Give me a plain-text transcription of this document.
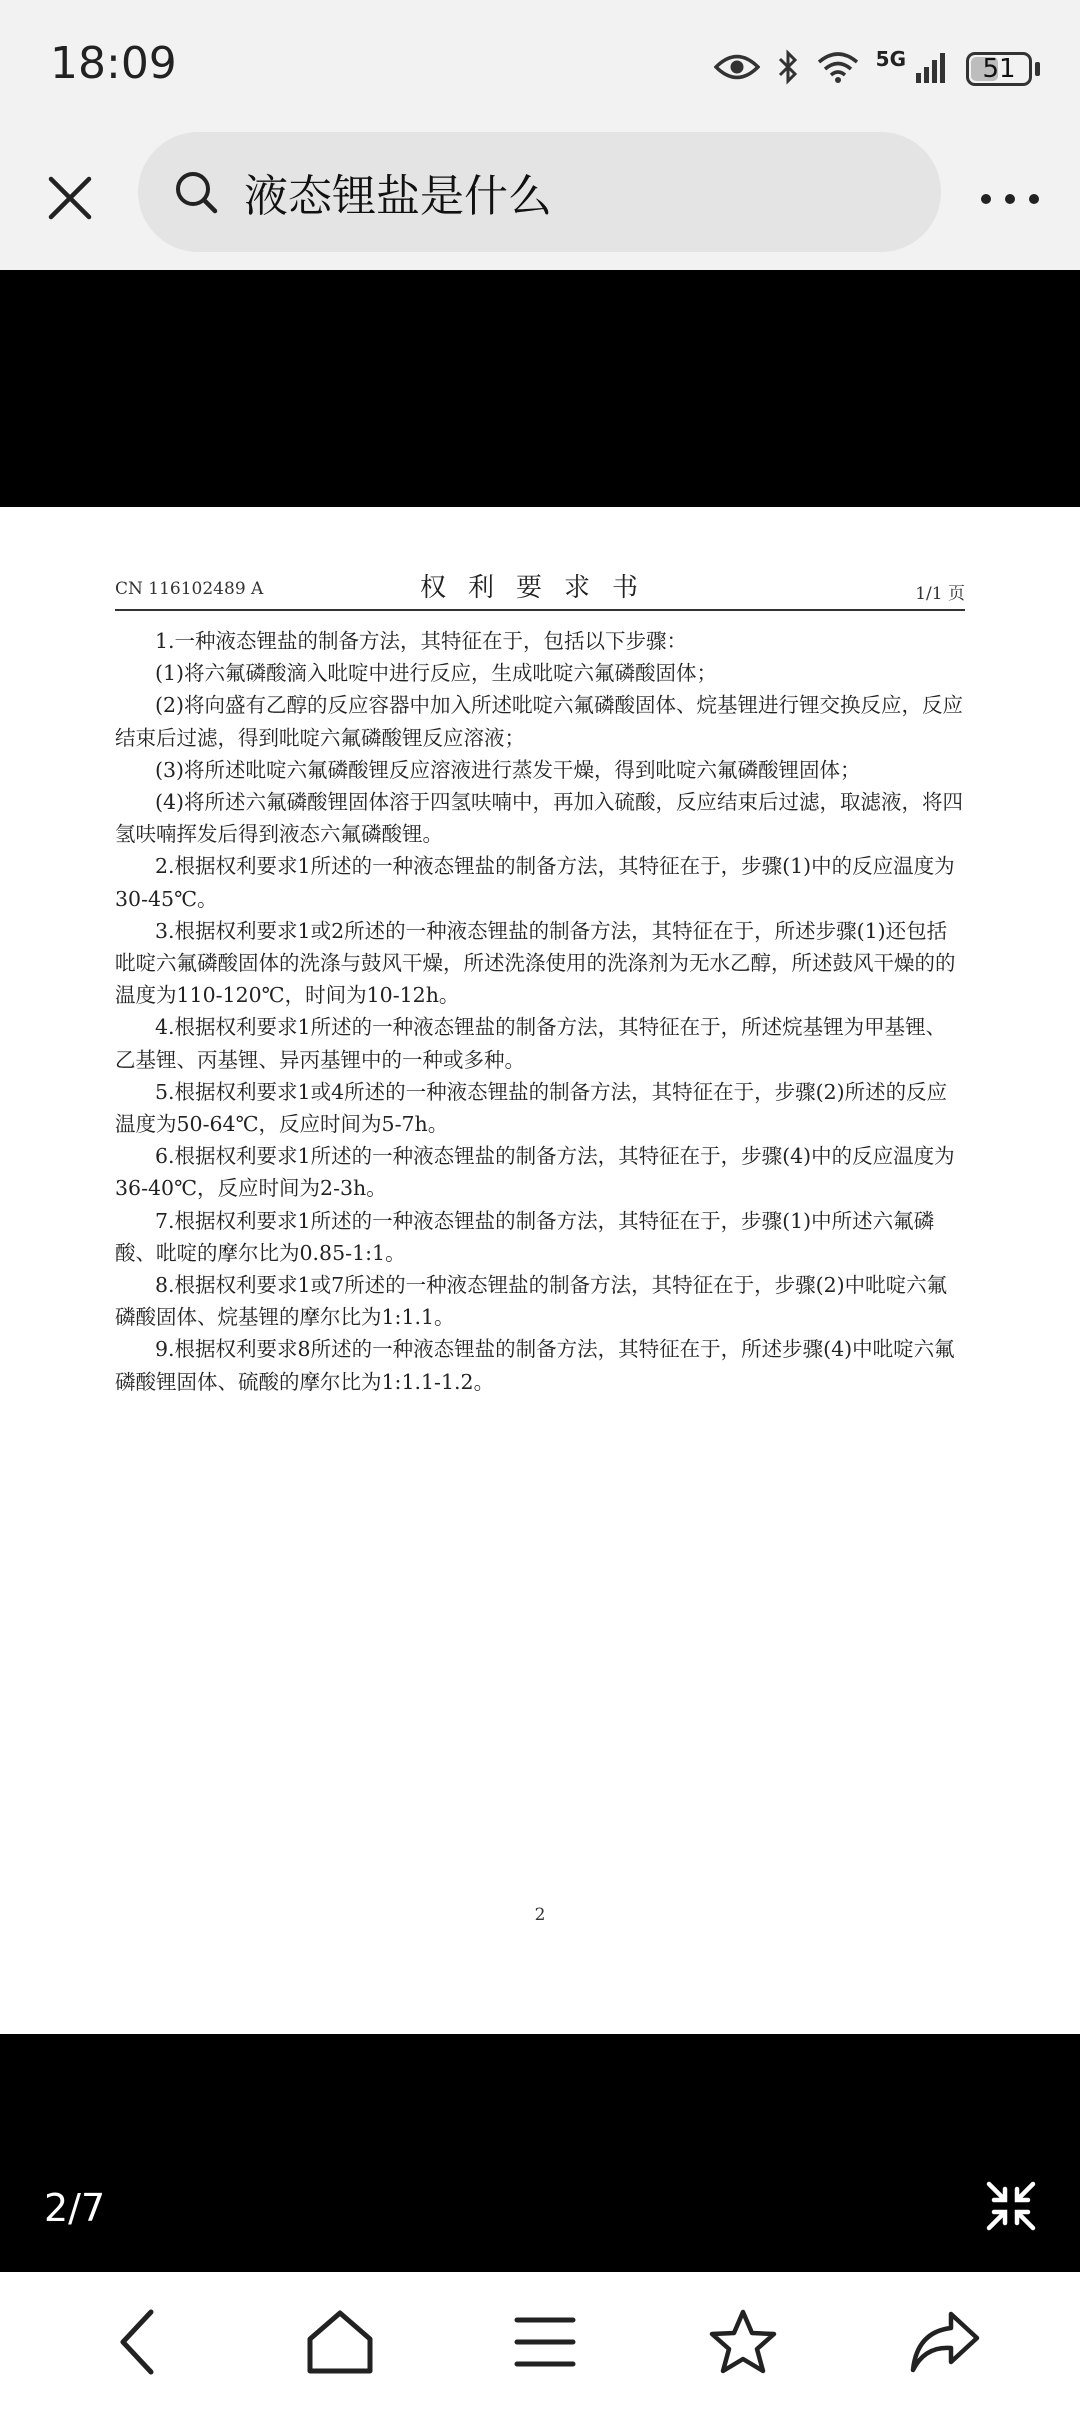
18:09	5G	51
液态锂盐是什么
权利要求书
CN 116102489 A	1/1 页

1.一种液态锂盐的制备方法，其特征在于，包括以下步骤：

(1)将六氟磷酸滴入吡啶中进行反应，生成吡啶六氟磷酸固体；

(2)将向盛有乙醇的反应容器中加入所述吡啶六氟磷酸固体、烷基锂进行锂交换反应，反应结束后过滤，得到吡啶六氟磷酸锂反应溶液；

(3)将所述吡啶六氟磷酸锂反应溶液进行蒸发干燥，得到吡啶六氟磷酸锂固体；

(4)将所述六氟磷酸锂固体溶于四氢呋喃中，再加入硫酸，反应结束后过滤，取滤液，将四氢呋喃挥发后得到液态六氟磷酸锂。

2.根据权利要求1所述的一种液态锂盐的制备方法，其特征在于，步骤(1)中的反应温度为30-45℃。

3.根据权利要求1或2所述的一种液态锂盐的制备方法，其特征在于，所述步骤(1)还包括吡啶六氟磷酸固体的洗涤与鼓风干燥，所述洗涤使用的洗涤剂为无水乙醇，所述鼓风干燥的的温度为110-120℃，时间为10-12h。

4.根据权利要求1所述的一种液态锂盐的制备方法，其特征在于，所述烷基锂为甲基锂、乙基锂、丙基锂、异丙基锂中的一种或多种。

5.根据权利要求1或4所述的一种液态锂盐的制备方法，其特征在于，步骤(2)所述的反应温度为50-64℃，反应时间为5-7h。

6.根据权利要求1所述的一种液态锂盐的制备方法，其特征在于，步骤(4)中的反应温度为36-40℃，反应时间为2-3h。

7.根据权利要求1所述的一种液态锂盐的制备方法，其特征在于，步骤(1)中所述六氟磷酸、吡啶的摩尔比为0.85-1:1。

8.根据权利要求1或7所述的一种液态锂盐的制备方法，其特征在于，步骤(2)中吡啶六氟磷酸固体、烷基锂的摩尔比为1:1.1。

9.根据权利要求8所述的一种液态锂盐的制备方法，其特征在于，所述步骤(4)中吡啶六氟磷酸锂固体、硫酸的摩尔比为1:1.1-1.2。

2
2/7
